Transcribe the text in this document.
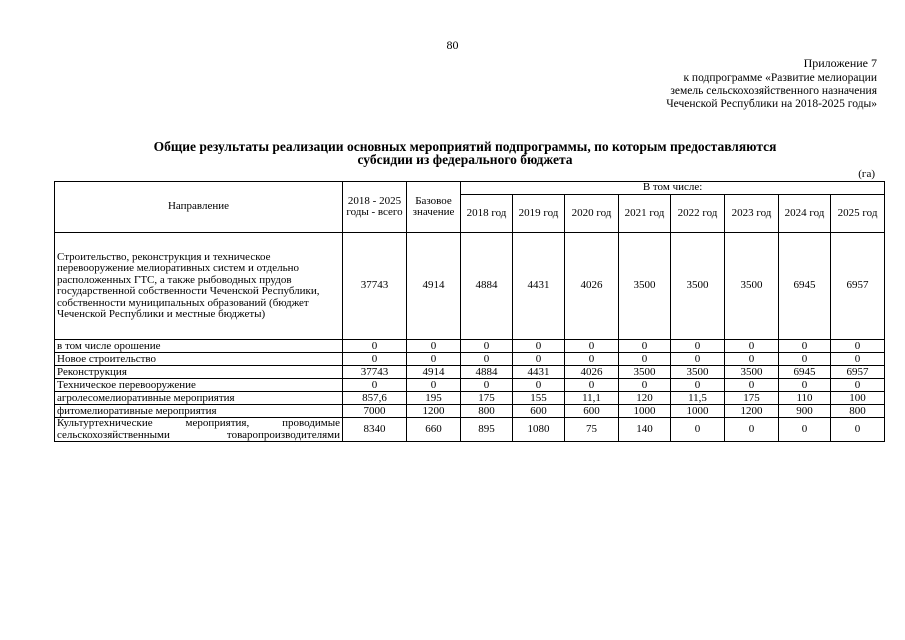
80
Приложение 7
к подпрограмме «Развитие мелиорации
земель сельскохозяйственного назначения
Чеченской Республики на 2018-2025 годы»
Общие результаты реализации основных мероприятий подпрограммы, по которым предоставляются
субсидии из федерального бюджета
(га)
Направление	2018 - 2025 годы - всего	Базовое значение	В том числе:							
			2018 год	2019 год	2020 год	2021 год	2022 год	2023 год	2024 год	2025 год
Строительство, реконструкция и техническое перевооружение мелиоративных систем и отдельно расположенных ГТС, а также рыбоводных прудов государственной собственности Чеченской Республики, собственности муниципальных образований (бюджет Чеченской Республики и местные бюджеты)	37743	4914	4884	4431	4026	3500	3500	3500	6945	6957
в том числе орошение	0	0	0	0	0	0	0	0	0	0
Новое строительство	0	0	0	0	0	0	0	0	0	0
Реконструкция	37743	4914	4884	4431	4026	3500	3500	3500	6945	6957
Техническое перевооружение	0	0	0	0	0	0	0	0	0	0
агролесомелиоративные мероприятия	857,6	195	175	155	11,1	120	11,5	175	110	100
фитомелиоративные мероприятия	7000	1200	800	600	600	1000	1000	1200	900	800
Культуртехнические мероприятия, проводимые сельскохозяйственными товаропроизводителями	8340	660	895	1080	75	140	0	0	0	0
